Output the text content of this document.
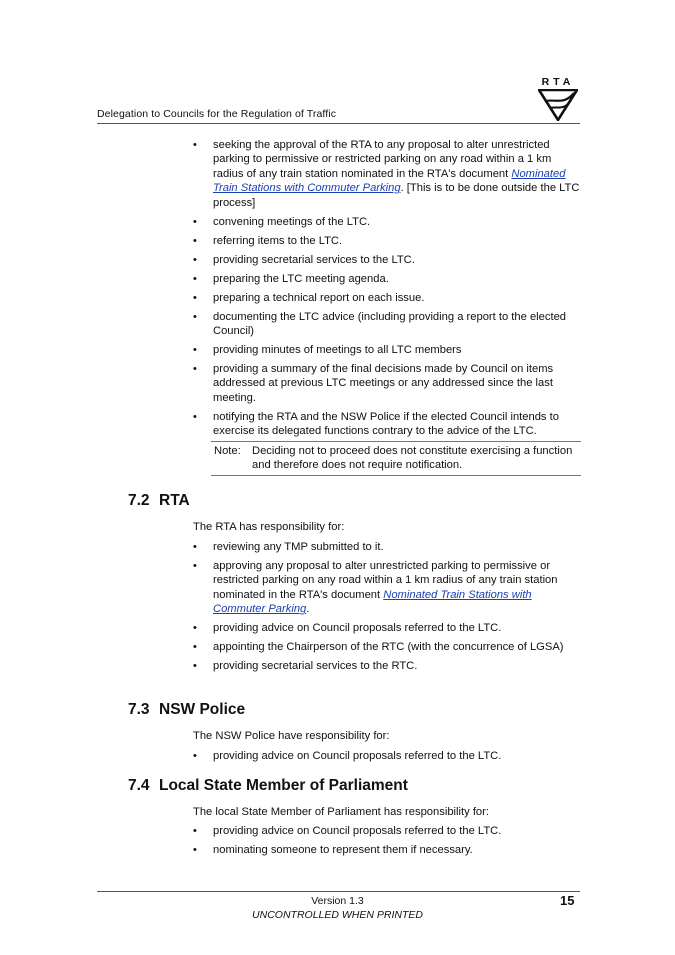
Delegation to Councils for the Regulation of Traffic
RTA
• seeking the approval of the RTA to any proposal to alter unrestricted parking to permissive or restricted parking on any road within a 1 km radius of any train station nominated in the RTA's document Nominated Train Stations with Commuter Parking. [This is to be done outside the LTC process]
• convening meetings of the LTC.
• referring items to the LTC.
• providing secretarial services to the LTC.
• preparing the LTC meeting agenda.
• preparing a technical report on each issue.
• documenting the LTC advice (including providing a report to the elected Council)
• providing minutes of meetings to all LTC members
• providing a summary of the final decisions made by Council on items addressed at previous LTC meetings or any addressed since the last meeting.
• notifying the RTA and the NSW Police if the elected Council intends to exercise its delegated functions contrary to the advice of the LTC.
Note: Deciding not to proceed does not constitute exercising a function and therefore does not require notification.
7.2 RTA
The RTA has responsibility for:
• reviewing any TMP submitted to it.
• approving any proposal to alter unrestricted parking to permissive or restricted parking on any road within a 1 km radius of any train station nominated in the RTA's document Nominated Train Stations with Commuter Parking.
• providing advice on Council proposals referred to the LTC.
• appointing the Chairperson of the RTC (with the concurrence of LGSA)
• providing secretarial services to the RTC.
7.3 NSW Police
The NSW Police have responsibility for:
• providing advice on Council proposals referred to the LTC.
7.4 Local State Member of Parliament
The local State Member of Parliament has responsibility for:
• providing advice on Council proposals referred to the LTC.
• nominating someone to represent them if necessary.
Version 1.3
UNCONTROLLED WHEN PRINTED
15
